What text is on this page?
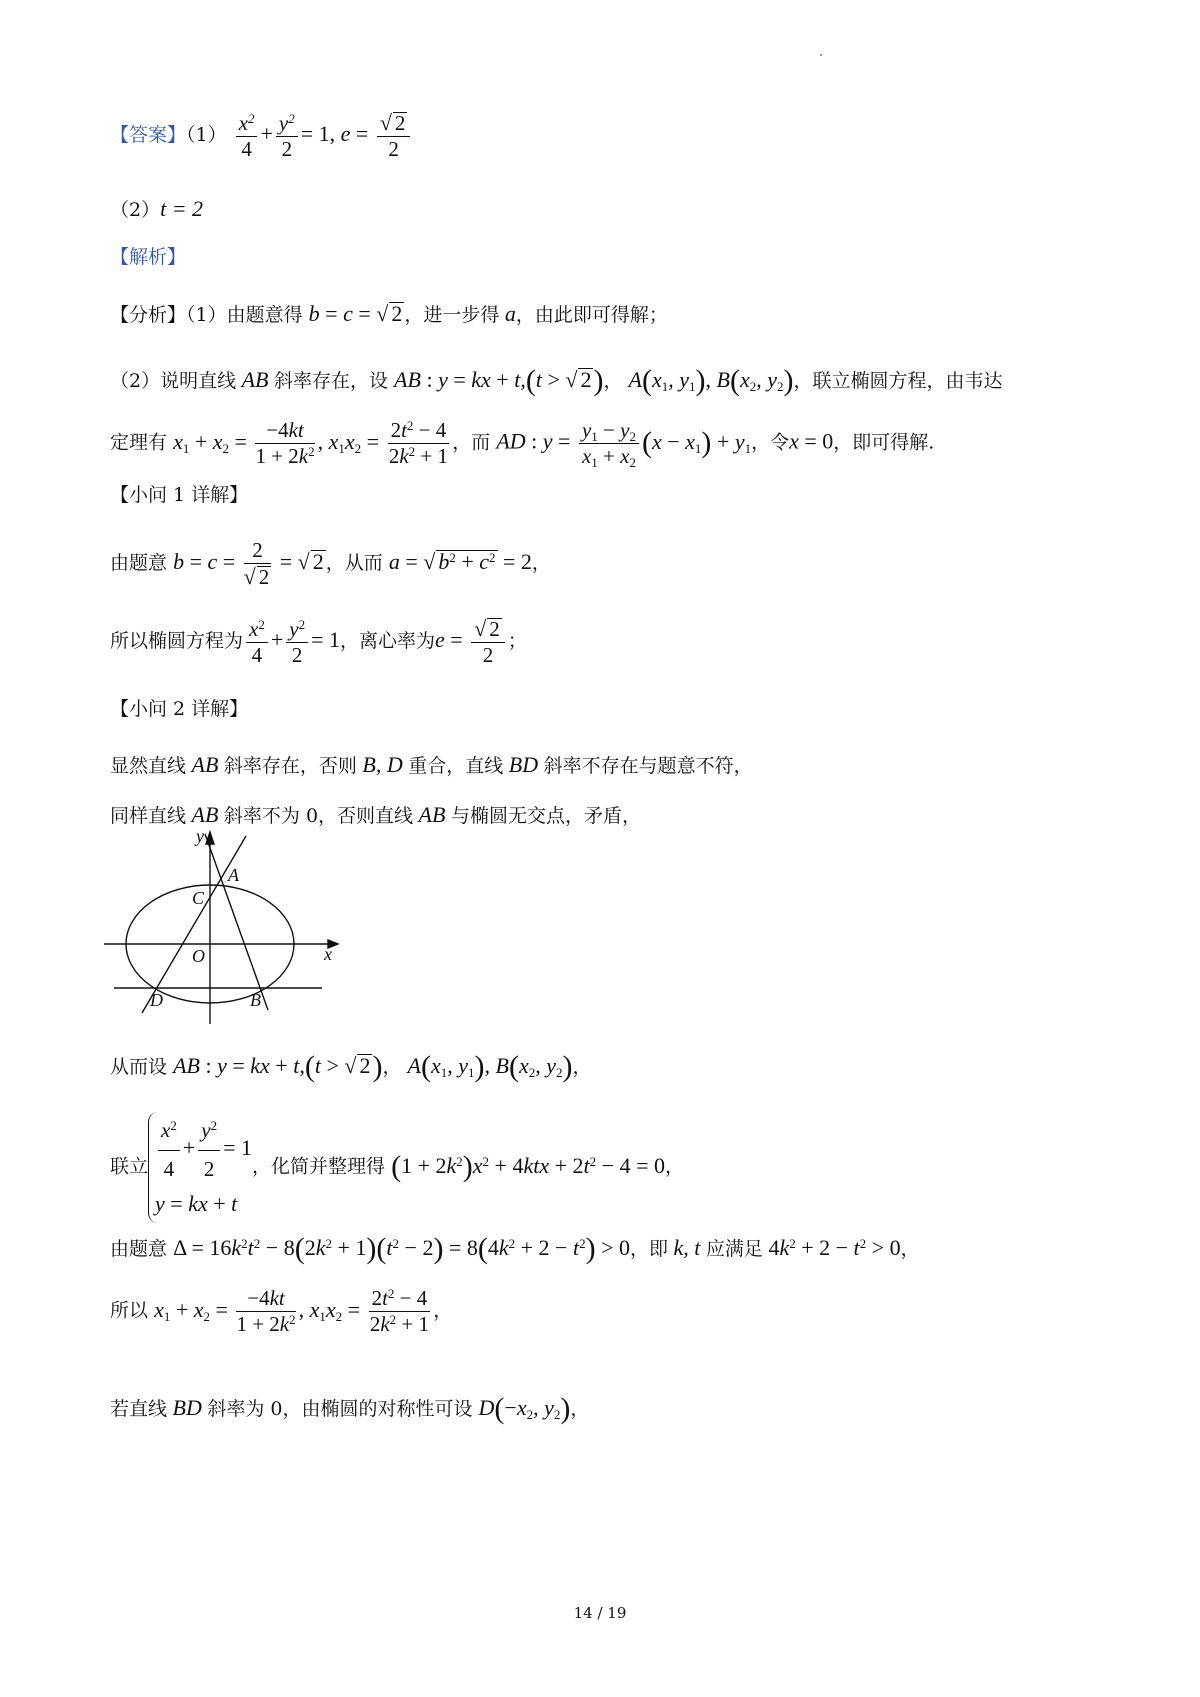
【答案】$(1) \frac{x^2}{4} + \frac{y^2}{2} = 1$, $e = \frac{√ 2}{2}$
（2）t = 2
【解析】
【分析】（1）由题意得 b = c = √ 2 ，进一步得 a，由此即可得解；
（2）说明直线 AB 斜率存在，设 AB : y = kx + t,(t > √ 2)， $A(x_1$, $y_1$), $B(x_2$, $y_2$)，联立椭圆方程，由韦达
定理有 $x_1 + x_2 = \frac{-4kt}{1 + 2k^2}$ , $x_1x_2 = \frac{2t^2 - 4}{2k^2 + 1}$ ，而 AD : $y = \frac{y_1 - y_2}{x_1 + x_2} (x - x_1) + y_1$，令x = 0，即可得解.
【小问 1 详解】
由题意 $b = c = \frac{2}{√ 2}$ = √ 2 ，从而 a = √ $b^2 + c^2 = 2$，
所以椭圆方程为 $\frac{x^2}{4} + \frac{y^2}{2} = 1$，离心率为$e = \frac{√ 2}{2}$ ；
【小问 2 详解】
显然直线 AB 斜率存在，否则 B, D 重合，直线 BD 斜率不存在与题意不符，
同样直线 AB 斜率不为 0，否则直线 AB 与椭圆无交点，矛盾，
y
A
C
O	x
D	B
从而设 AB : y = kx + t,(t > √ 2)， $A(x_1$, $y_1$), $B(x_2$, $y_2$)，
联立 $\frac{x^2}{4} + \frac{y^2}{2} = 1$
y = kx + t
，化简并整理得 $(1 + 2k^2)x^2 + 4ktx + 2t^2 - 4 = 0$，
由题意 $\Delta = 16k^2t^2 - 8(2k^2 + 1)(t^2 - 2) = 8(4k^2 + 2 - t^2) > 0$，即 k, t 应满足 $4k^2 + 2 - t^2 > 0$，
所以 $x_1 + x_2 = \frac{-4kt}{1 + 2k^2}$ , $x_1x_2 = \frac{2t^2 - 4}{2k^2 + 1}$ ，
若直线 BD 斜率为 0，由椭圆的对称性可设 $D(-x_2$, $y_2$)，
14 / 19
